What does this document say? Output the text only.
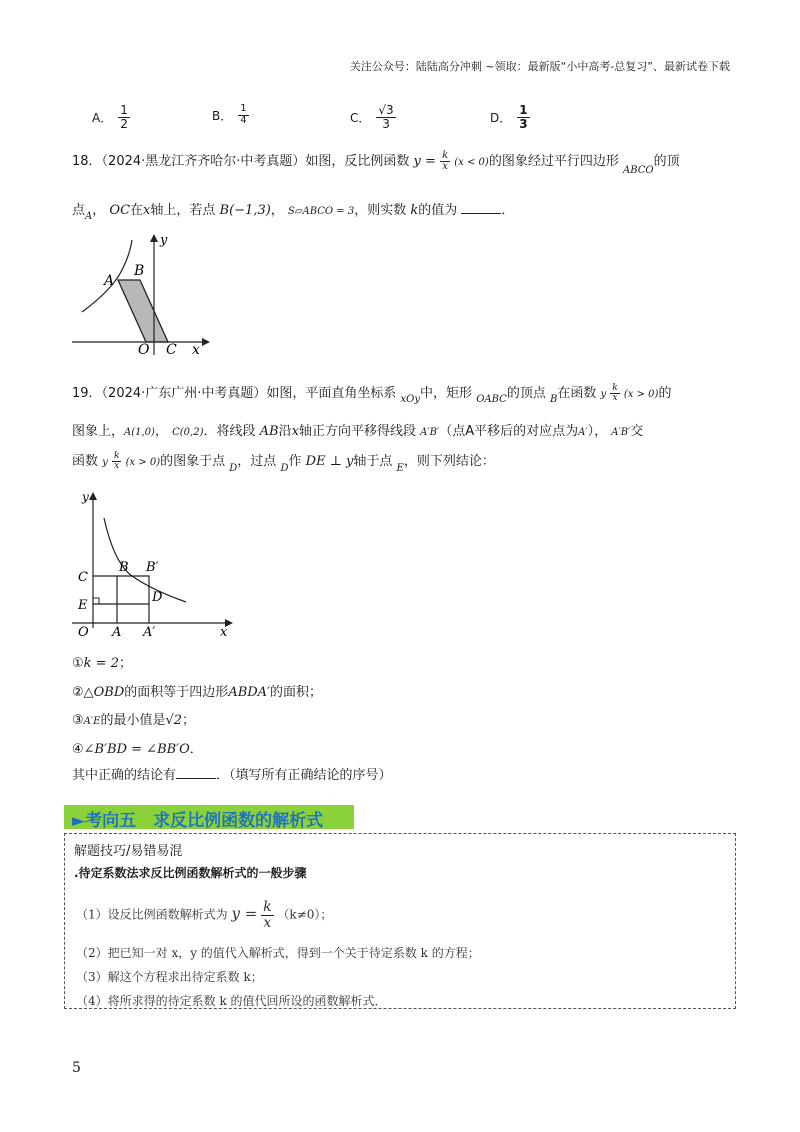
关注公众号：陆陆高分冲刺 ~领取：最新版“小中高考-总复习”、最新试卷下载
A． $\frac{1}{2}$	B． $\frac{1}{4}$	C． $\frac{√3}{3}$	D． $\frac{1}{3}$
18．（2024·黑龙江齐齐哈尔·中考真题）如图，反比例函数 $y = \frac{k}{x} (x < 0)$的图象经过平行四边形 $_{ABCO}$的顶
点$_A$， OC在x轴上，若点 B(−1,3)， S▱ABCO = 3，则实数 k的值为	．
y
x
O
A
B
C
19．（2024·广东广州·中考真题）如图，平面直角坐标系 $_{xOy}$中，矩形 $_{OABC}$的顶点 $_B$在函数 y $\frac{k}{x} (x > 0)$的
图象上，A(1,0)， C(0,2)．将线段 AB沿x轴正方向平移得线段 A′B′（点A平移后的对应点为A′）， A′B′交
函数 y $\frac{k}{x} (x > 0)$的图象于点 $_D$，过点 $_D$作 DE ⊥ y轴于点 $_E$，则下列结论：
y
x
O A A′
B B′
C
D
E
①k = 2；
②△OBD的面积等于四边形ABDA′的面积；
③A′E的最小值是√2；
④∠B′BD = ∠BB′O．
其中正确的结论有	．（填写所有正确结论的序号）
►考向五　求反比例函数的解析式
解题技巧/易错易混
.待定系数法求反比例函数解析式的一般步骤
（1）设反比例函数解析式为 $y = \frac{k}{x} (k\ne 0)$；
（2）把已知一对 x，y 的值代入解析式，得到一个关于待定系数 k 的方程；
（3）解这个方程求出待定系数 k；
（4）将所求得的待定系数 k 的值代回所设的函数解析式．
5
